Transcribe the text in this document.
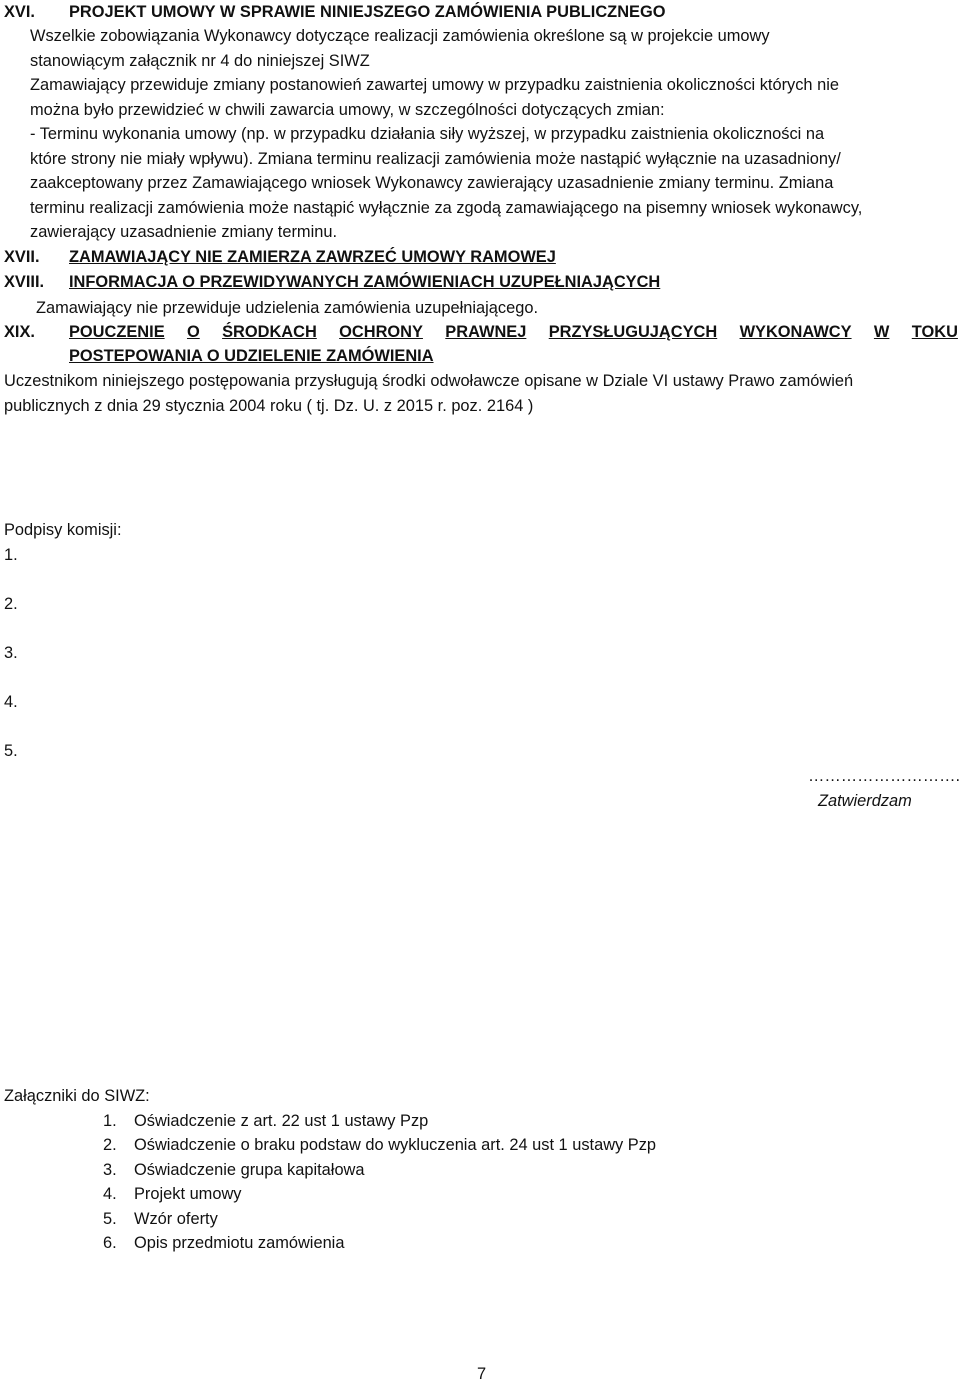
XVI. PROJEKT UMOWY W SPRAWIE NINIEJSZEGO ZAMÓWIENIA PUBLICZNEGO
Wszelkie zobowiązania Wykonawcy dotyczące realizacji zamówienia określone są w projekcie umowy
stanowiącym załącznik nr 4 do niniejszej SIWZ
Zamawiający przewiduje zmiany postanowień zawartej umowy w przypadku zaistnienia okoliczności których nie
można było przewidzieć w chwili zawarcia umowy, w szczególności dotyczących zmian:
- Terminu wykonania umowy (np. w przypadku działania siły wyższej, w przypadku zaistnienia okoliczności na
które strony nie miały wpływu). Zmiana terminu realizacji zamówienia może nastąpić wyłącznie na uzasadniony/
zaakceptowany przez Zamawiającego wniosek Wykonawcy zawierający uzasadnienie zmiany terminu. Zmiana
terminu realizacji zamówienia może nastąpić wyłącznie za zgodą zamawiającego na pisemny wniosek wykonawcy,
zawierający uzasadnienie zmiany terminu.
XVII. ZAMAWIAJĄCY NIE ZAMIERZA ZAWRZEĆ UMOWY RAMOWEJ
XVIII. INFORMACJA O PRZEWIDYWANYCH ZAMÓWIENIACH UZUPEŁNIAJĄCYCH
Zamawiający nie przewiduje udzielenia zamówienia uzupełniającego.
XIX. POUCZENIE O ŚRODKACH OCHRONY PRAWNEJ PRZYSŁUGUJĄCYCH WYKONAWCY W TOKU
POSTEPOWANIA O UDZIELENIE ZAMÓWIENIA
Uczestnikom niniejszego postępowania przysługują środki odwoławcze opisane w Dziale VI ustawy Prawo zamówień
publicznych z dnia 29 stycznia 2004 roku ( tj. Dz. U. z 2015 r. poz. 2164 )
Podpisy komisji:
1.
2.
3.
4.
5.
……………………….
Zatwierdzam
Załączniki do SIWZ:
1. Oświadczenie z art. 22 ust 1 ustawy Pzp
2. Oświadczenie o braku podstaw do wykluczenia art. 24 ust 1 ustawy Pzp
3. Oświadczenie grupa kapitałowa
4. Projekt umowy
5. Wzór oferty
6. Opis przedmiotu zamówienia
7
